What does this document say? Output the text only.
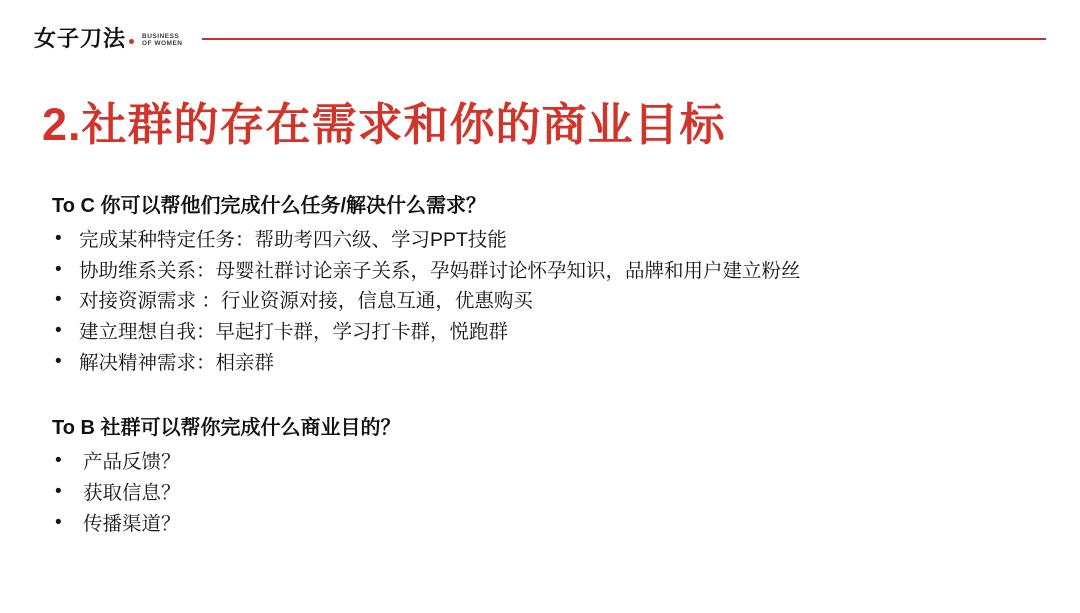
女子刀法	BUSINESS
OF WOMEN
2.社群的存在需求和你的商业目标
To C 你可以帮他们完成什么任务/解决什么需求？
• 完成某种特定任务：帮助考四六级、学习PPT技能
• 协助维系关系：母婴社群讨论亲子关系，孕妈群讨论怀孕知识，品牌和用户建立粉丝
• 对接资源需求 ：行业资源对接，信息互通，优惠购买
• 建立理想自我：早起打卡群，学习打卡群，悦跑群
• 解决精神需求：相亲群
To B 社群可以帮你完成什么商业目的？
• 产品反馈？
• 获取信息？
• 传播渠道？
